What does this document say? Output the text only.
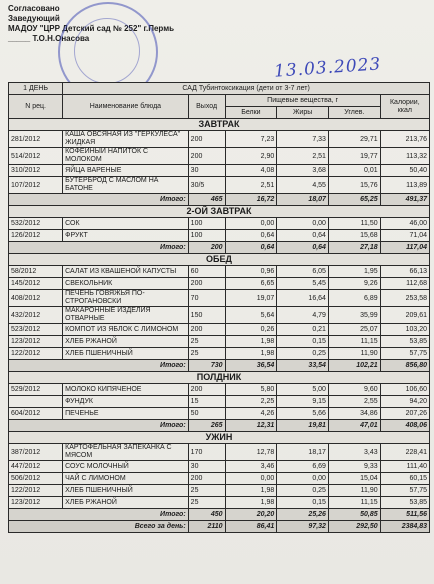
Согласовано
Заведующий
МАДОУ "ЦРР Детский сад № 252" г.Пермь
_____ Т.О.Н.Онасова
13.03.2023
1 ДЕНЬ	САД Тубинтоксикация (дети от 3-7 лет)					
N рец.	Наименование блюда	Выход	Пищевые вещества, г			Калории, ккал
			Белки	Жиры	Углев.	
ЗАВТРАК						
281/2012	КАША ОВСЯНАЯ ИЗ "ГЕРКУЛЕСА" ЖИДКАЯ	200	7,23	7,33	29,71	213,76
514/2012	КОФЕЙНЫЙ НАПИТОК С МОЛОКОМ	200	2,90	2,51	19,77	113,32
310/2012	ЯЙЦА ВАРЕНЫЕ	30	4,08	3,68	0,01	50,40
107/2012	БУТЕРБРОД С МАСЛОМ НА БАТОНЕ	30/5	2,51	4,55	15,76	113,89
Итого:		465	16,72	18,07	65,25	491,37
2-ОЙ ЗАВТРАК						
532/2012	СОК	100	0,00	0,00	11,50	46,00
126/2012	ФРУКТ	100	0,64	0,64	15,68	71,04
Итого:		200	0,64	0,64	27,18	117,04
ОБЕД						
58/2012	САЛАТ ИЗ КВАШЕНОЙ КАПУСТЫ	60	0,96	6,05	1,95	66,13
145/2012	СВЕКОЛЬНИК	200	6,65	5,45	9,26	112,68
408/2012	ПЕЧЕНЬ ГОВЯЖЬЯ ПО-СТРОГАНОВСКИ	70	19,07	16,64	6,89	253,58
432/2012	МАКАРОННЫЕ ИЗДЕЛИЯ ОТВАРНЫЕ	150	5,64	4,79	35,99	209,61
523/2012	КОМПОТ ИЗ ЯБЛОК С ЛИМОНОМ	200	0,26	0,21	25,07	103,20
123/2012	ХЛЕБ РЖАНОЙ	25	1,98	0,15	11,15	53,85
122/2012	ХЛЕБ ПШЕНИЧНЫЙ	25	1,98	0,25	11,90	57,75
Итого:		730	36,54	33,54	102,21	856,80
ПОЛДНИК						
529/2012	МОЛОКО КИПЯЧЕНОЕ	200	5,80	5,00	9,60	106,60
	ФУНДУК	15	2,25	9,15	2,55	94,20
604/2012	ПЕЧЕНЬЕ	50	4,26	5,66	34,86	207,26
Итого:		265	12,31	19,81	47,01	408,06
УЖИН						
387/2012	КАРТОФЕЛЬНАЯ ЗАПЕКАНКА С МЯСОМ	170	12,78	18,17	3,43	228,41
447/2012	СОУС МОЛОЧНЫЙ	30	3,46	6,69	9,33	111,40
506/2012	ЧАЙ С ЛИМОНОМ	200	0,00	0,00	15,04	60,15
122/2012	ХЛЕБ ПШЕНИЧНЫЙ	25	1,98	0,25	11,90	57,75
123/2012	ХЛЕБ РЖАНОЙ	25	1,98	0,15	11,15	53,85
Итого:		450	20,20	25,26	50,85	511,56
Всего за день:		2110	86,41	97,32	292,50	2384,83
